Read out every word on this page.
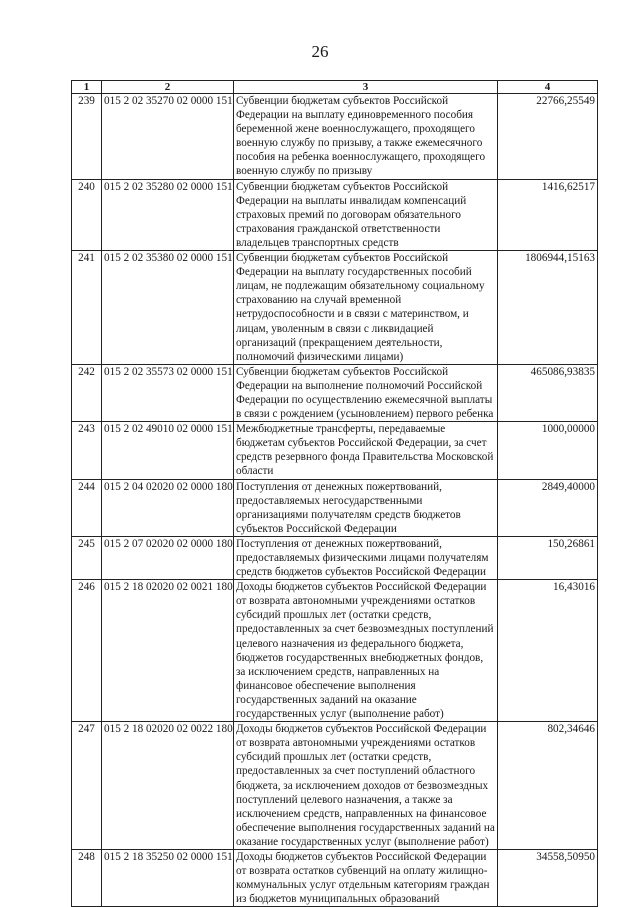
26
1	2	3	4
239	015 2 02 35270 02 0000 151	Субвенции бюджетам субъектов Российской Федерации на выплату единовременного пособия беременной жене военнослужащего, проходящего военную службу по призыву, а также ежемесячного пособия на ребенка военнослужащего, проходящего военную службу по призыву	22766,25549
240	015 2 02 35280 02 0000 151	Субвенции бюджетам субъектов Российской Федерации на выплаты инвалидам компенсаций страховых премий по договорам обязательного страхования гражданской ответственности владельцев транспортных средств	1416,62517
241	015 2 02 35380 02 0000 151	Субвенции бюджетам субъектов Российской Федерации на выплату государственных пособий лицам, не подлежащим обязательному социальному страхованию на случай временной нетрудоспособности и в связи с материнством, и лицам, уволенным в связи с ликвидацией организаций (прекращением деятельности, полномочий физическими лицами)	1806944,15163
242	015 2 02 35573 02 0000 151	Субвенции бюджетам субъектов Российской Федерации на выполнение полномочий Российской Федерации по осуществлению ежемесячной выплаты в связи с рождением (усыновлением) первого ребенка	465086,93835
243	015 2 02 49010 02 0000 151	Межбюджетные трансферты, передаваемые бюджетам субъектов Российской Федерации, за счет средств резервного фонда Правительства Московской области	1000,00000
244	015 2 04 02020 02 0000 180	Поступления от денежных пожертвований, предоставляемых негосударственными организациями получателям средств бюджетов субъектов Российской Федерации	2849,40000
245	015 2 07 02020 02 0000 180	Поступления от денежных пожертвований, предоставляемых физическими лицами получателям средств бюджетов субъектов Российской Федерации	150,26861
246	015 2 18 02020 02 0021 180	Доходы бюджетов субъектов Российской Федерации от возврата автономными учреждениями остатков субсидий прошлых лет (остатки средств, предоставленных за счет безвозмездных поступлений целевого назначения из федерального бюджета, бюджетов государственных внебюджетных фондов, за исключением средств, направленных на финансовое обеспечение выполнения государственных заданий на оказание государственных услуг (выполнение работ)	16,43016
247	015 2 18 02020 02 0022 180	Доходы бюджетов субъектов Российской Федерации от возврата автономными учреждениями остатков субсидий прошлых лет (остатки средств, предоставленных за счет поступлений областного бюджета, за исключением доходов от безвозмездных поступлений целевого назначения, а также за исключением средств, направленных на финансовое обеспечение выполнения государственных заданий на оказание государственных услуг (выполнение работ)	802,34646
248	015 2 18 35250 02 0000 151	Доходы бюджетов субъектов Российской Федерации от возврата остатков субвенций на оплату жилищно-коммунальных услуг отдельным категориям граждан из бюджетов муниципальных образований	34558,50950
